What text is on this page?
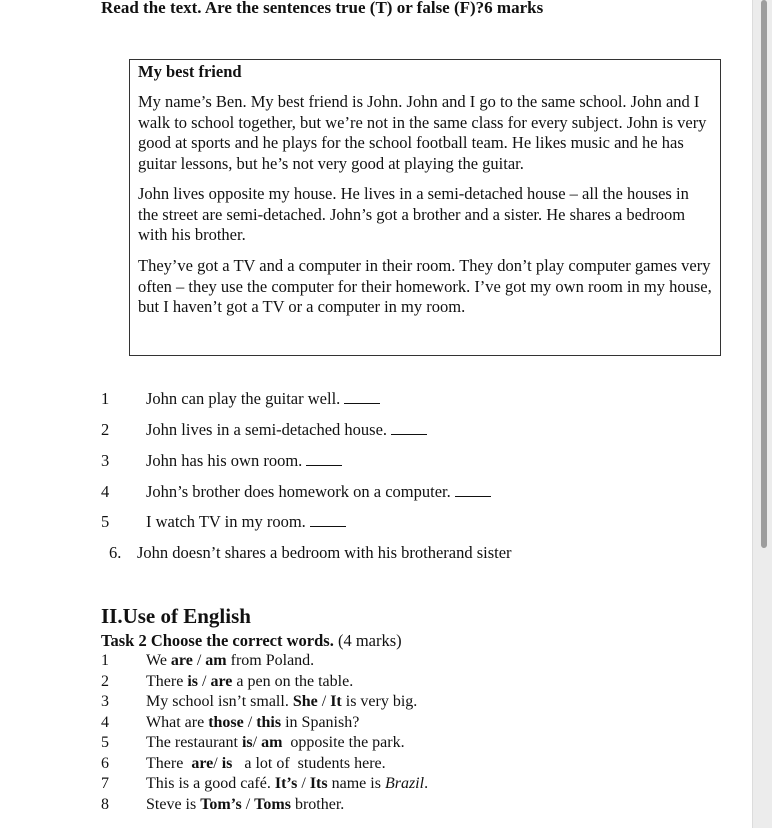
Read the text. Are the sentences true (T) or false (F)?6 marks
My best friend

My name’s Ben. My best friend is John. John and I go to the same school. John and I walk to school together, but we’re not in the same class for every subject. John is very good at sports and he plays for the school football team. He likes music and he has guitar lessons, but he’s not very good at playing the guitar.

John lives opposite my house. He lives in a semi-detached house – all the houses in the street are semi-detached. John’s got a brother and a sister. He shares a bedroom with his brother.

They’ve got a TV and a computer in their room. They don’t play computer games very often – they use the computer for their homework. I’ve got my own room in my house, but I haven’t got a TV or a computer in my room.

1 John can play the guitar well.
2 John lives in a semi-detached house.
3 John has his own room.
4 John’s brother does homework on a computer.
5 I watch TV in my room.
6. John doesn’t shares a bedroom with his brotherand sister
II.Use of English
Task 2 Choose the correct words. (4 marks)
1 We are / am from Poland.
2 There is / are a pen on the table.
3 My school isn’t small. She / It is very big.
4 What are those / this in Spanish?
5 The restaurant is/ am  opposite the park.
6 There  are/ is   a lot of  students here.
7 This is a good café. It’s / Its name is Brazil.
8 Steve is Tom’s / Toms brother.
